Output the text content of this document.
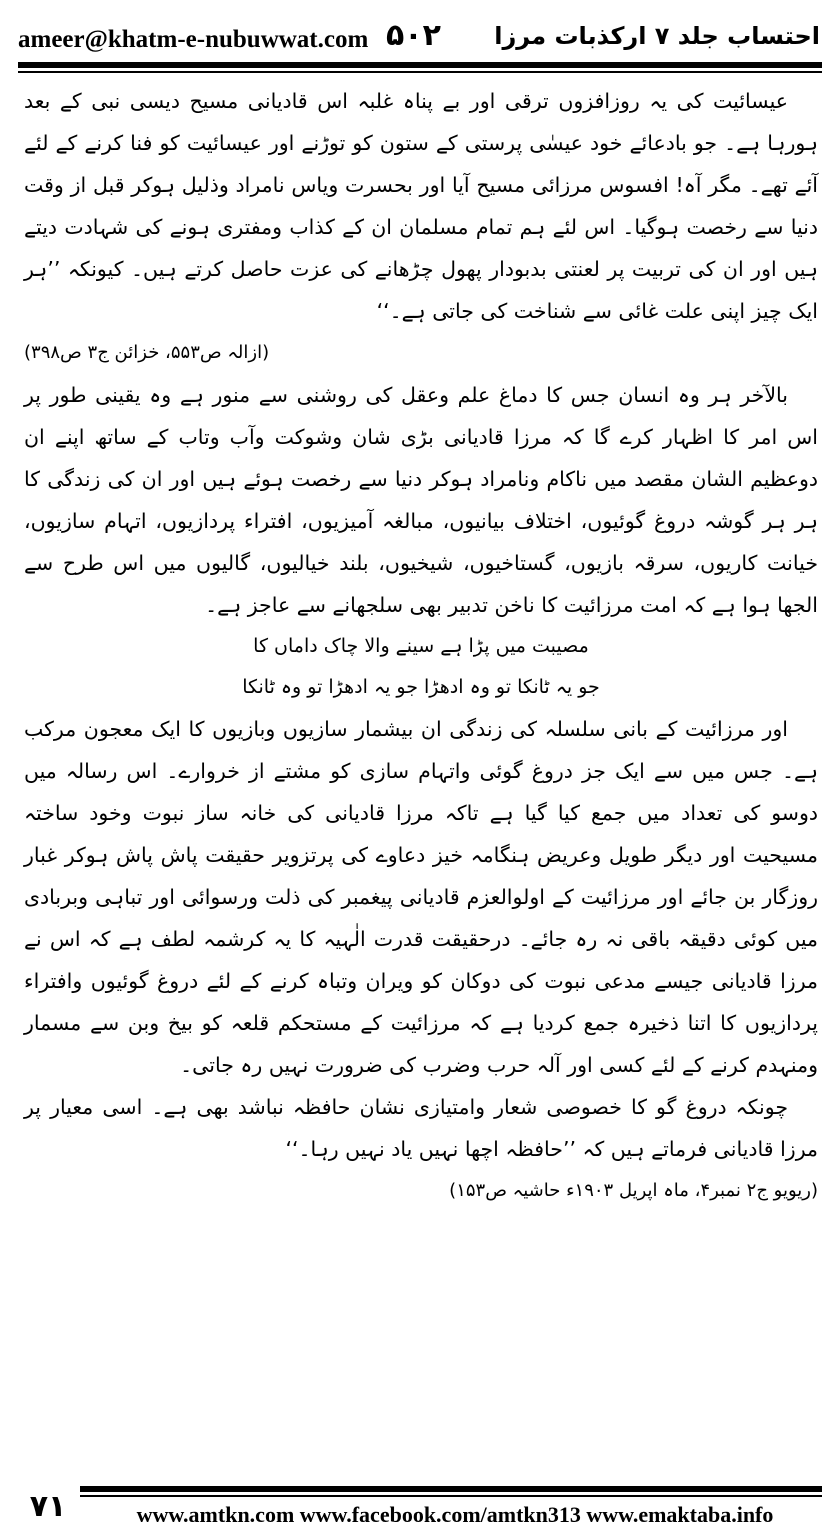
ameer@khatm-e-nubuwwat.com ۵۰۲ احتساب جلد ۷ ارکذبات مرزا

عیسائیت کی یہ روزافزوں ترقی اور بے پناہ غلبہ اس قادیانی مسیح دیسی نبی کے بعد ہورہا ہے۔ جو بادعائے خود عیسٰی پرستی کے ستون کو توڑنے اور عیسائیت کو فنا کرنے کے لئے آئے تھے۔ مگر آہ! افسوس مرزائی مسیح آیا اور بحسرت ویاس نامراد وذلیل ہوکر قبل از وقت دنیا سے رخصت ہوگیا۔ اس لئے ہم تمام مسلمان ان کے کذاب ومفتری ہونے کی شہادت دیتے ہیں اور ان کی تربیت پر لعنتی بدبودار پھول چڑھانے کی عزت حاصل کرتے ہیں۔ کیونکہ ’’ہر ایک چیز اپنی علت غائی سے شناخت کی جاتی ہے۔‘‘

(ازالہ ص۵۵۳، خزائن ج۳ ص۳۹۸)

بالآخر ہر وہ انسان جس کا دماغ علم وعقل کی روشنی سے منور ہے وہ یقینی طور پر اس امر کا اظہار کرے گا کہ مرزا قادیانی بڑی شان وشوکت وآب وتاب کے ساتھ اپنے ان دوعظیم الشان مقصد میں ناکام ونامراد ہوکر دنیا سے رخصت ہوئے ہیں اور ان کی زندگی کا ہر ہر گوشہ دروغ گوئیوں، اختلاف بیانیوں، مبالغہ آمیزیوں، افتراء پردازیوں، اتہام سازیوں، خیانت کاریوں، سرقہ بازیوں، گستاخیوں، شیخیوں، بلند خیالیوں، گالیوں میں اس طرح سے الجھا ہوا ہے کہ امت مرزائیت کا ناخن تدبیر بھی سلجھانے سے عاجز ہے۔

مصیبت میں پڑا ہے سینے والا چاک داماں کا

جو یہ ٹانکا تو وہ ادھڑا جو یہ ادھڑا تو وہ ٹانکا

اور مرزائیت کے بانی سلسلہ کی زندگی ان بیشمار سازیوں وبازیوں کا ایک معجون مرکب ہے۔ جس میں سے ایک جز دروغ گوئی واتہام سازی کو مشتے از خروارے۔ اس رسالہ میں دوسو کی تعداد میں جمع کیا گیا ہے تاکہ مرزا قادیانی کی خانہ ساز نبوت وخود ساختہ مسیحیت اور دیگر طویل وعریض ہنگامہ خیز دعاوے کی پرتزویر حقیقت پاش پاش ہوکر غبار روزگار بن جائے اور مرزائیت کے اولوالعزم قادیانی پیغمبر کی ذلت ورسوائی اور تباہی وبربادی میں کوئی دقیقہ باقی نہ رہ جائے۔ درحقیقت قدرت الٰہیہ کا یہ کرشمہ لطف ہے کہ اس نے مرزا قادیانی جیسے مدعی نبوت کی دوکان کو ویران وتباہ کرنے کے لئے دروغ گوئیوں وافتراء پردازیوں کا اتنا ذخیرہ جمع کردیا ہے کہ مرزائیت کے مستحکم قلعہ کو بیخ وبن سے مسمار ومنہدم کرنے کے لئے کسی اور آلہ حرب وضرب کی ضرورت نہیں رہ جاتی۔

چونکہ دروغ گو کا خصوصی شعار وامتیازی نشان حافظہ نباشد بھی ہے۔ اسی معیار پر مرزا قادیانی فرماتے ہیں کہ ’’حافظہ اچھا نہیں یاد نہیں رہا۔‘‘

(ریویو ج۲ نمبر۴، ماہ اپریل ۱۹۰۳ء حاشیہ ص۱۵۳)

۷۱	www.amtkn.com www.facebook.com/amtkn313 www.emaktaba.info
